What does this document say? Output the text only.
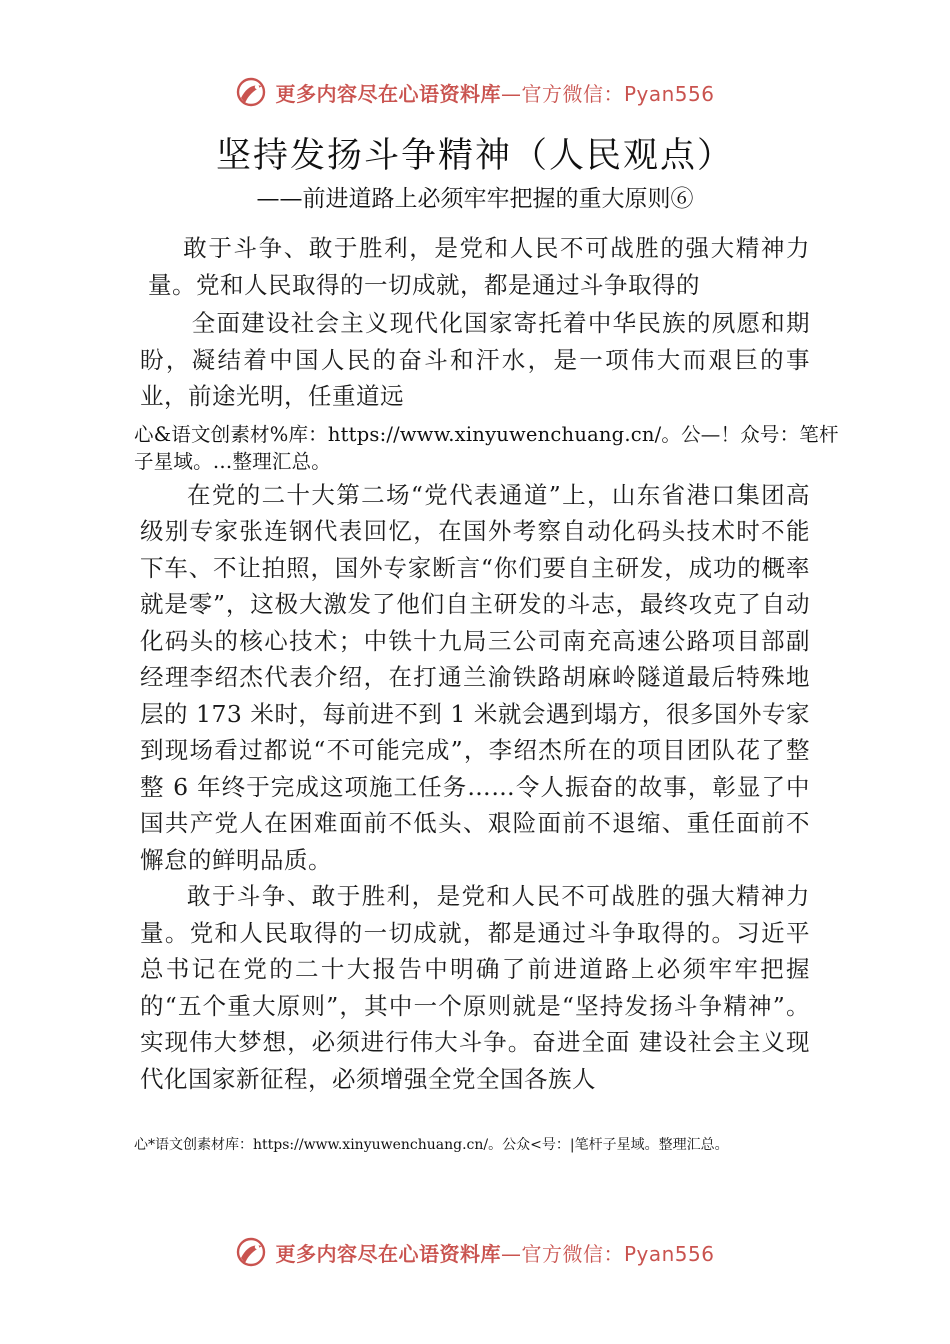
更多内容尽在心语资料库—官方微信：Pyan556
坚持发扬斗争精神（人民观点）
——前进道路上必须牢牢把握的重大原则⑥

敢于斗争、敢于胜利，是党和人民不可战胜的强大精神力量。党和人民取得的一切成就，都是通过斗争取得的

全面建设社会主义现代化国家寄托着中华民族的夙愿和期盼，凝结着中国人民的奋斗和汗水，是一项伟大而艰巨的事业，前途光明，任重道远

心&语文创素材%库：https://www.xinyuwenchuang.cn/。公—！众号：笔杆子星域。…整理汇总。

在党的二十大第二场“党代表通道”上，山东省港口集团高级别专家张连钢代表回忆，在国外考察自动化码头技术时不能下车、不让拍照，国外专家断言“你们要自主研发，成功的概率就是零”，这极大激发了他们自主研发的斗志，最终攻克了自动化码头的核心技术；中铁十九局三公司南充高速公路项目部副经理李绍杰代表介绍，在打通兰渝铁路胡麻岭隧道最后特殊地层的 173 米时，每前进不到 1 米就会遇到塌方，很多国外专家到现场看过都说“不可能完成”，李绍杰所在的项目团队花了整整 6 年终于完成这项施工任务……令人振奋的故事，彰显了中国共产党人在困难面前不低头、艰险面前不退缩、重任面前不懈怠的鲜明品质。

敢于斗争、敢于胜利，是党和人民不可战胜的强大精神力量。党和人民取得的一切成就，都是通过斗争取得的。习近平总书记在党的二十大报告中明确了前进道路上必须牢牢把握的“五个重大原则”，其中一个原则就是“坚持发扬斗争精神”。实现伟大梦想，必须进行伟大斗争。奋进全面 建设社会主义现代化国家新征程，必须增强全党全国各族人

心*语文创素材库：https://www.xinyuwenchuang.cn/。公众<号：|笔杆子星域。整理汇总。
更多内容尽在心语资料库—官方微信：Pyan556
